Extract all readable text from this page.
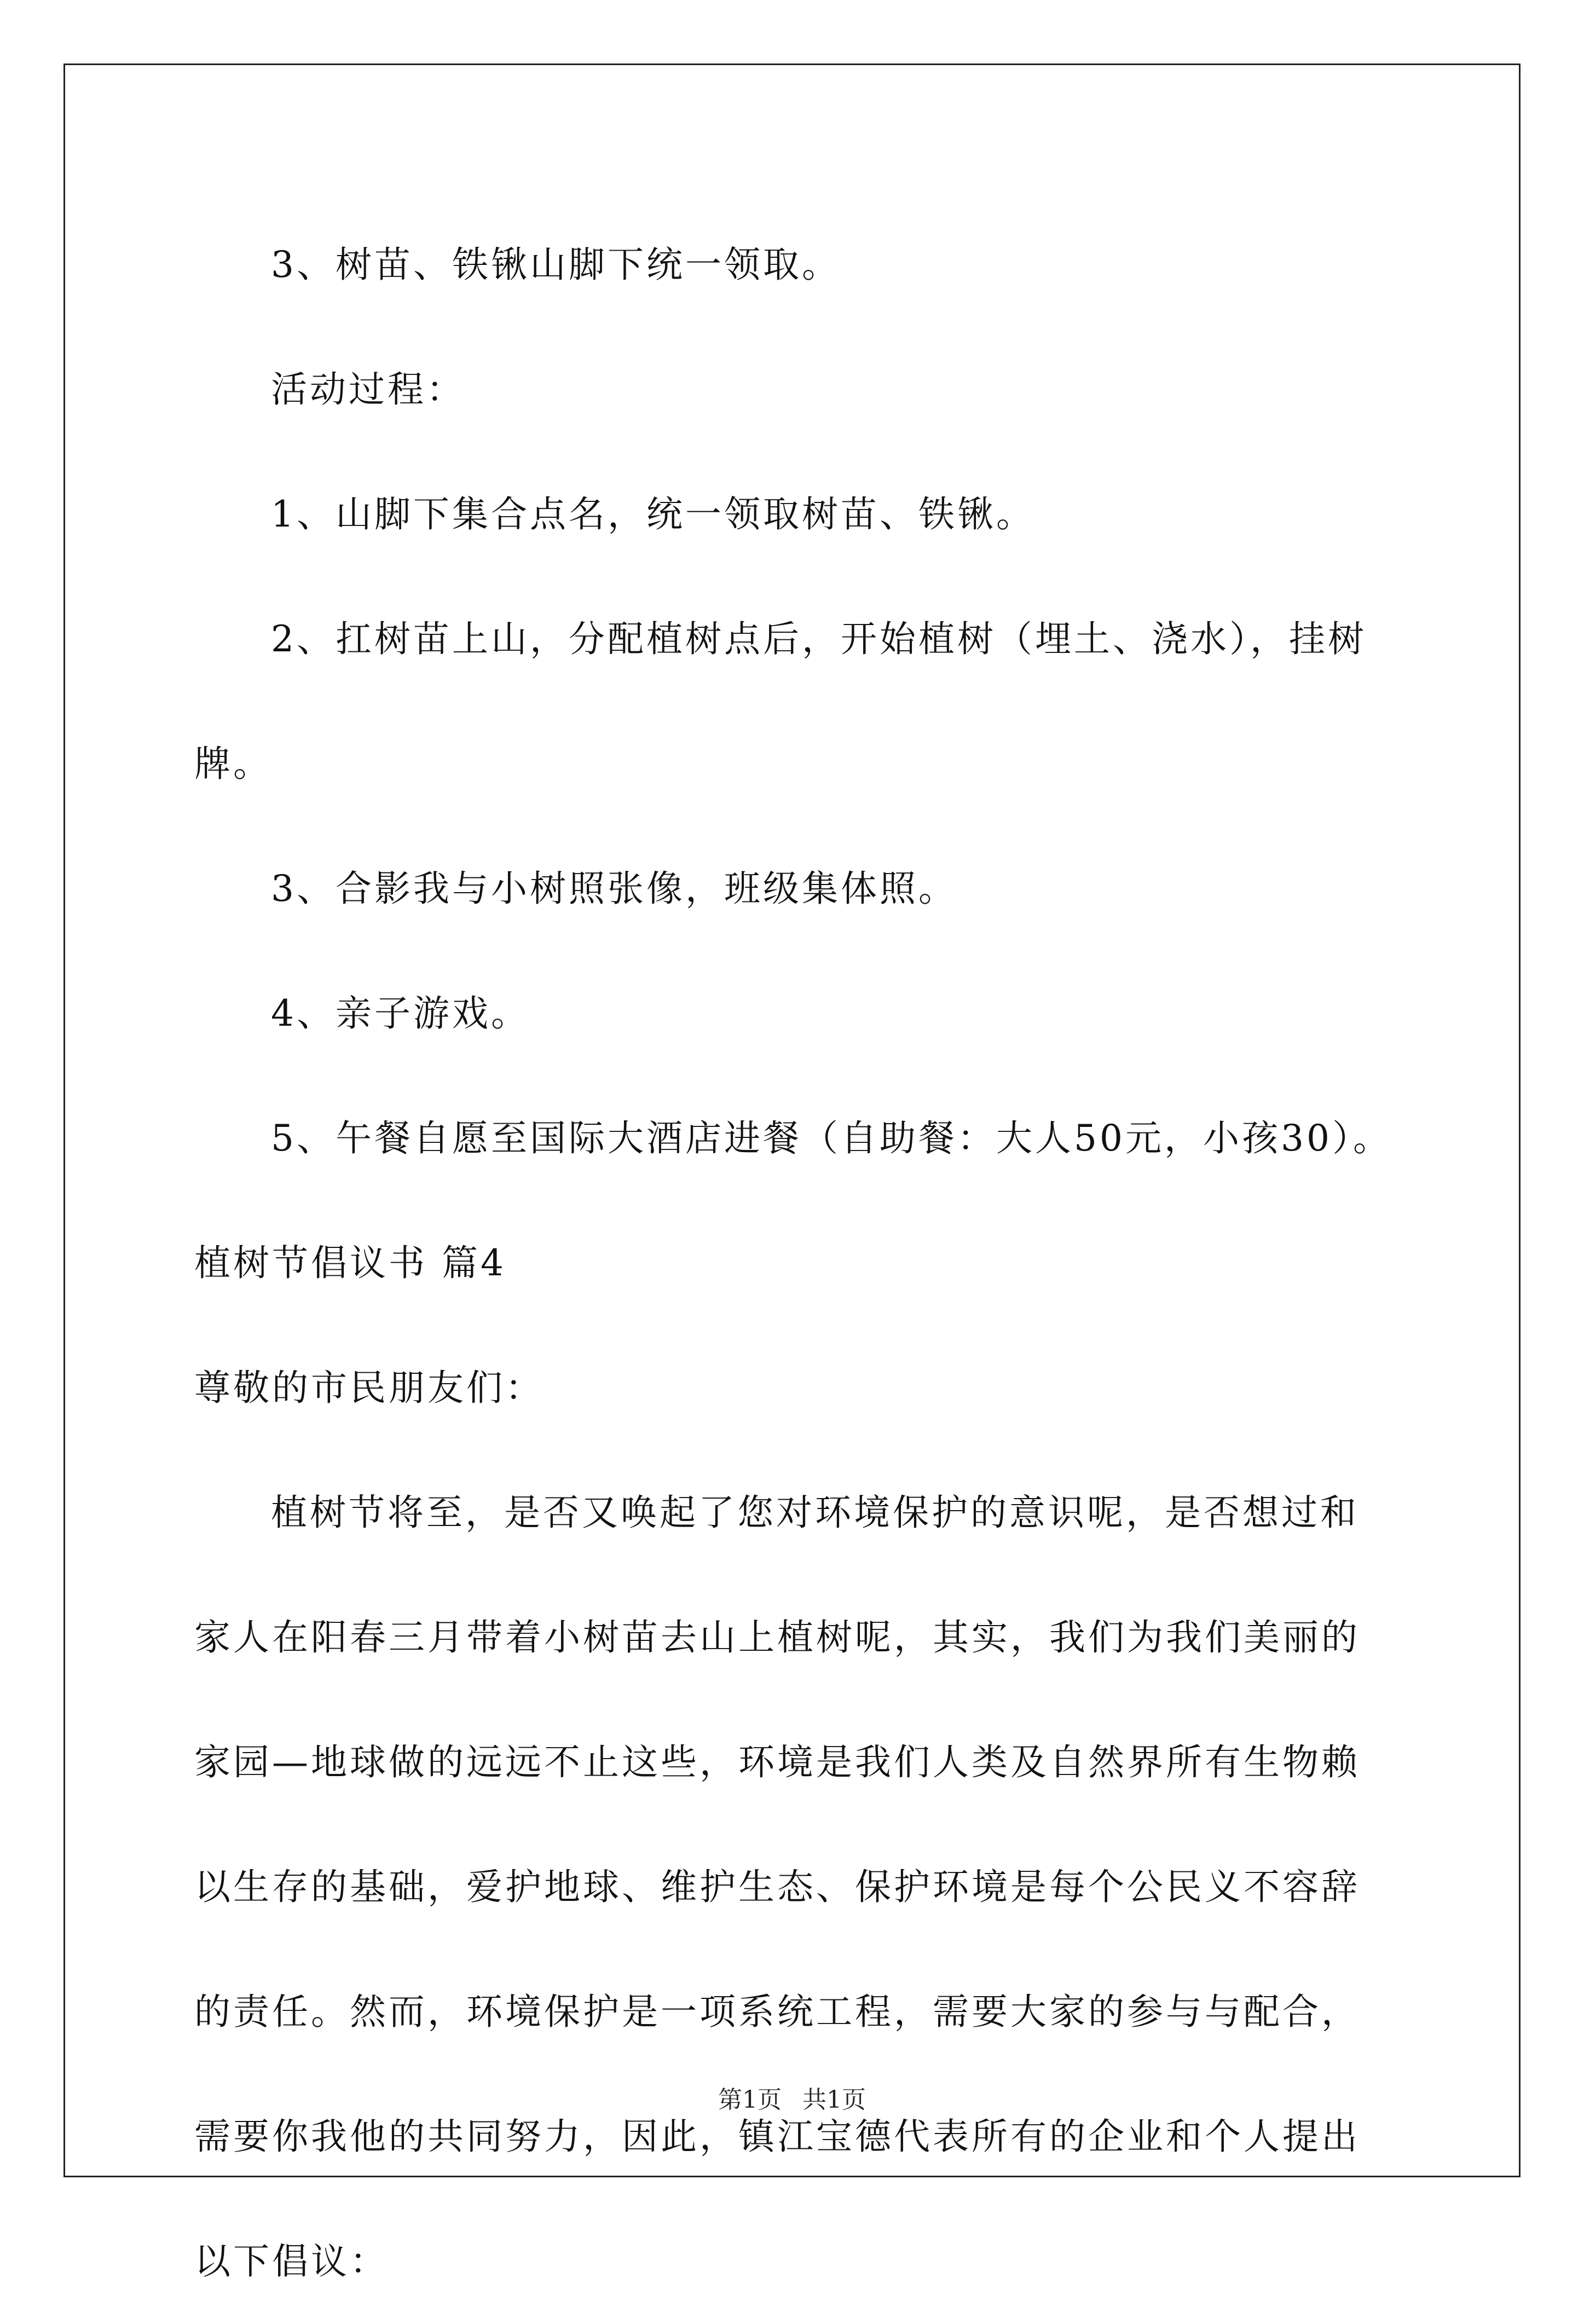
3、树苗、铁锹山脚下统一领取。

活动过程：

1、山脚下集合点名，统一领取树苗、铁锹。

2、扛树苗上山，分配植树点后，开始植树（埋土、浇水），挂树牌。

3、合影我与小树照张像，班级集体照。

4、亲子游戏。

5、午餐自愿至国际大酒店进餐（自助餐：大人50元，小孩30）。

植树节倡议书 篇4

尊敬的市民朋友们：

植树节将至，是否又唤起了您对环境保护的意识呢，是否想过和家人在阳春三月带着小树苗去山上植树呢，其实，我们为我们美丽的家园—地球做的远远不止这些，环境是我们人类及自然界所有生物赖以生存的基础，爱护地球、维护生态、保护环境是每个公民义不容辞的责任。然而，环境保护是一项系统工程，需要大家的参与与配合，需要你我他的共同努力，因此，镇江宝德代表所有的企业和个人提出以下倡议：

第1页 共1页
